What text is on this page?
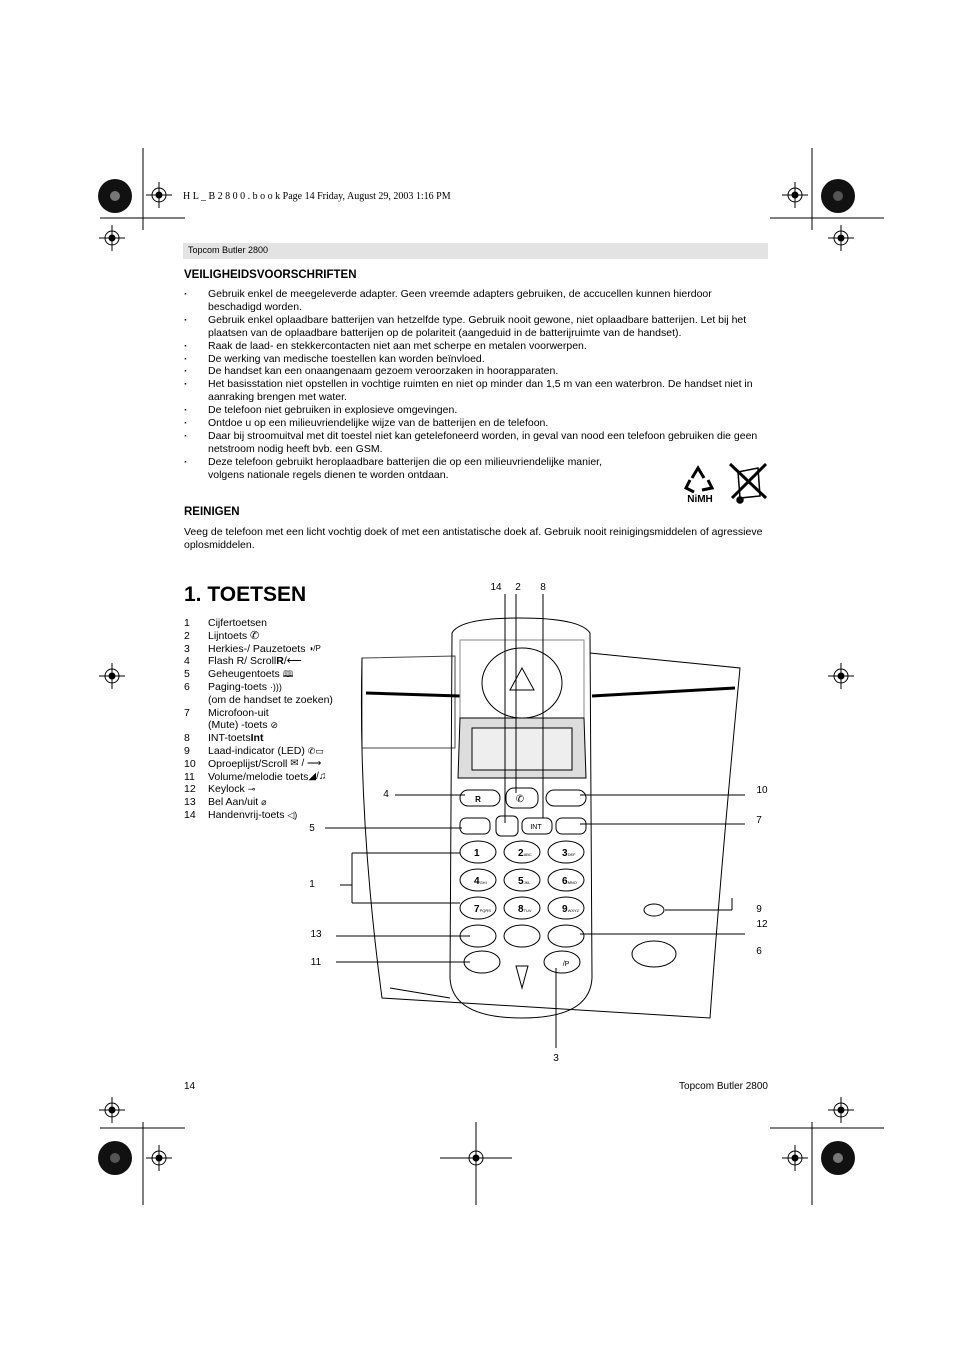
H L _ B 2 8 0 0 . b o o k Page 14 Friday, August 29, 2003 1:16 PM
Topcom Butler 2800
VEILIGHEIDSVOORSCHRIFTEN
· Gebruik enkel de meegeleverde adapter. Geen vreemde adapters gebruiken, de accucellen kunnen hierdoor beschadigd worden.
· Gebruik enkel oplaadbare batterijen van hetzelfde type. Gebruik nooit gewone, niet oplaadbare batterijen. Let bij het plaatsen van de oplaadbare batterijen op de polariteit (aangeduid in de batterijruimte van de handset).
· Raak de laad- en stekkercontacten niet aan met scherpe en metalen voorwerpen.
· De werking van medische toestellen kan worden beïnvloed.
· De handset kan een onaangenaam gezoem veroorzaken in hoorapparaten.
· Het basisstation niet opstellen in vochtige ruimten en niet op minder dan 1,5 m van een waterbron. De handset niet in aanraking brengen met water.
· De telefoon niet gebruiken in explosieve omgevingen.
· Ontdoe u op een milieuvriendelijke wijze van de batterijen en de telefoon.
· Daar bij stroomuitval met dit toestel niet kan getelefoneerd worden, in geval van nood een telefoon gebruiken die geen netstroom nodig heeft bvb. een GSM.
· Deze telefoon gebruikt heroplaadbare batterijen die op een milieuvriendelijke manier, volgens nationale regels dienen te worden ontdaan.
NiMH
REINIGEN
Veeg de telefoon met een licht vochtig doek of met een antistatische doek af. Gebruik nooit reinigingsmiddelen of agressieve oplosmiddelen.
1. TOETSEN
1	Cijfertoetsen
2	Lijntoets
✆
3	Herkies-/ Pauzetoets
◑/P
4	Flash R/ Scroll R /⟵
5	Geheugentoets
🕮
6	Paging-toets
·)))
(om de handset te zoeken)
7	Microfoon-uit
(Mute) -toets
⊘
8	INT-toets Int
9	Laad-indicator (LED)
✆▭
10	Oproeplijst/Scroll
✉ / ⟶
11	Volume/melodie toets ◢/♫
12	Keylock
⊸
13	Bel Aan/uit
⌀
14	Handenvrij-toets
◁)
✆
R
INT
/P
1	2ABC	3DEF
4GHI	5JKL	6MNO
7PQRS	8TUV	9WXYZ
14 2 8
4	10
5
7
1
9
12
13
6
11
3
14	Topcom Butler 2800
